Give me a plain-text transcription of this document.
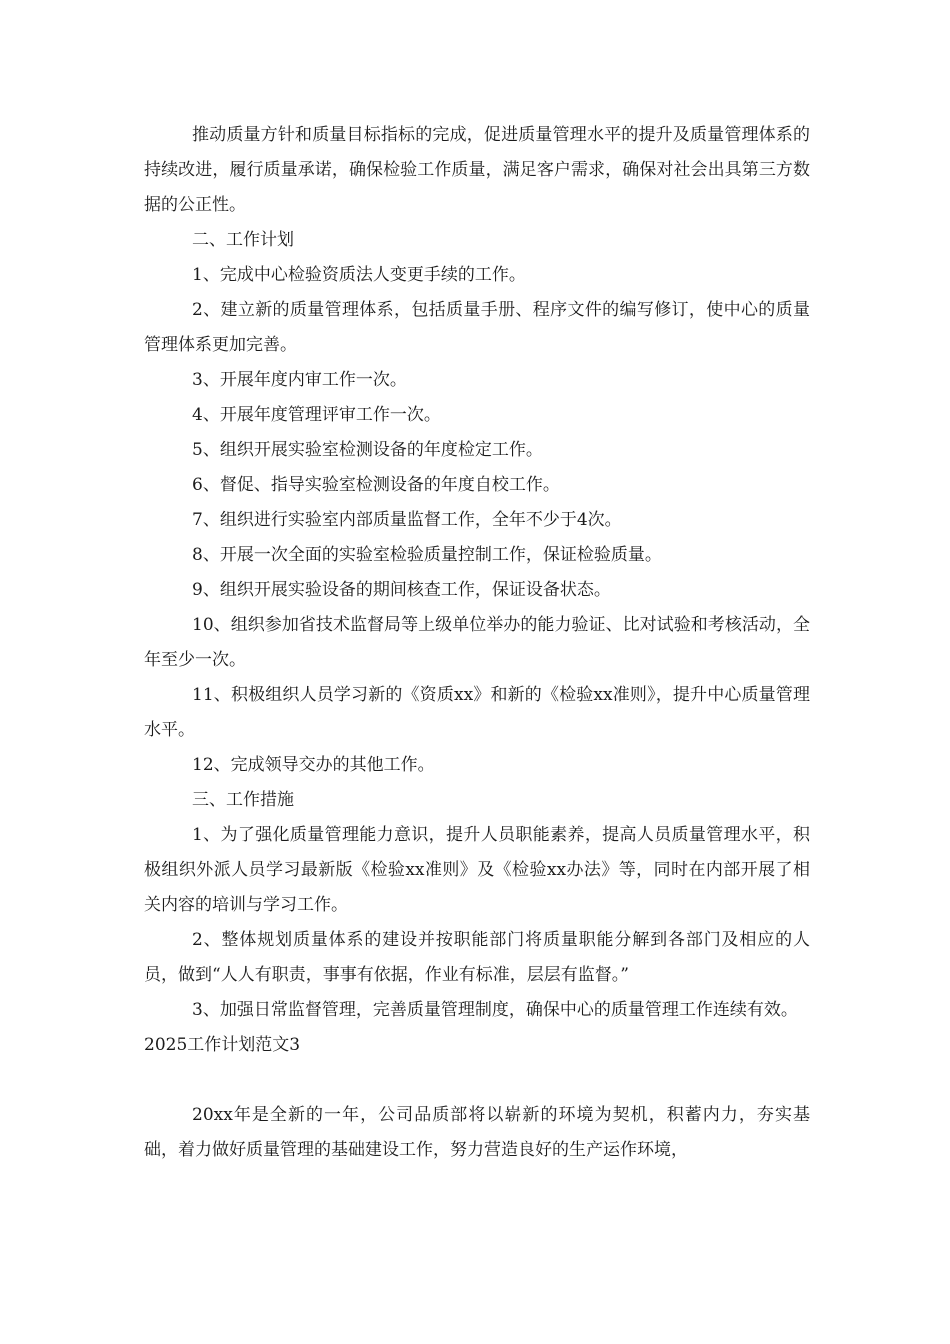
推动质量方针和质量目标指标的完成，促进质量管理水平的提升及质量管理体系的持续改进，履行质量承诺，确保检验工作质量，满足客户需求，确保对社会出具第三方数据的公正性。

二、工作计划

1、完成中心检验资质法人变更手续的工作。

2、建立新的质量管理体系，包括质量手册、程序文件的编写修订，使中心的质量管理体系更加完善。

3、开展年度内审工作一次。

4、开展年度管理评审工作一次。

5、组织开展实验室检测设备的年度检定工作。

6、督促、指导实验室检测设备的年度自校工作。

7、组织进行实验室内部质量监督工作，全年不少于4次。

8、开展一次全面的实验室检验质量控制工作，保证检验质量。

9、组织开展实验设备的期间核查工作，保证设备状态。

10、组织参加省技术监督局等上级单位举办的能力验证、比对试验和考核活动，全年至少一次。

11、积极组织人员学习新的《资质xx》和新的《检验xx准则》，提升中心质量管理水平。

12、完成领导交办的其他工作。

三、工作措施

1、为了强化质量管理能力意识，提升人员职能素养，提高人员质量管理水平，积极组织外派人员学习最新版《检验xx准则》及《检验xx办法》等，同时在内部开展了相关内容的培训与学习工作。

2、整体规划质量体系的建设并按职能部门将质量职能分解到各部门及相应的人员，做到“人人有职责，事事有依据，作业有标准，层层有监督。”

3、加强日常监督管理，完善质量管理制度，确保中心的质量管理工作连续有效。

2025工作计划范文3

20xx年是全新的一年，公司品质部将以崭新的环境为契机，积蓄内力，夯实基础，着力做好质量管理的基础建设工作，努力营造良好的生产运作环境，
